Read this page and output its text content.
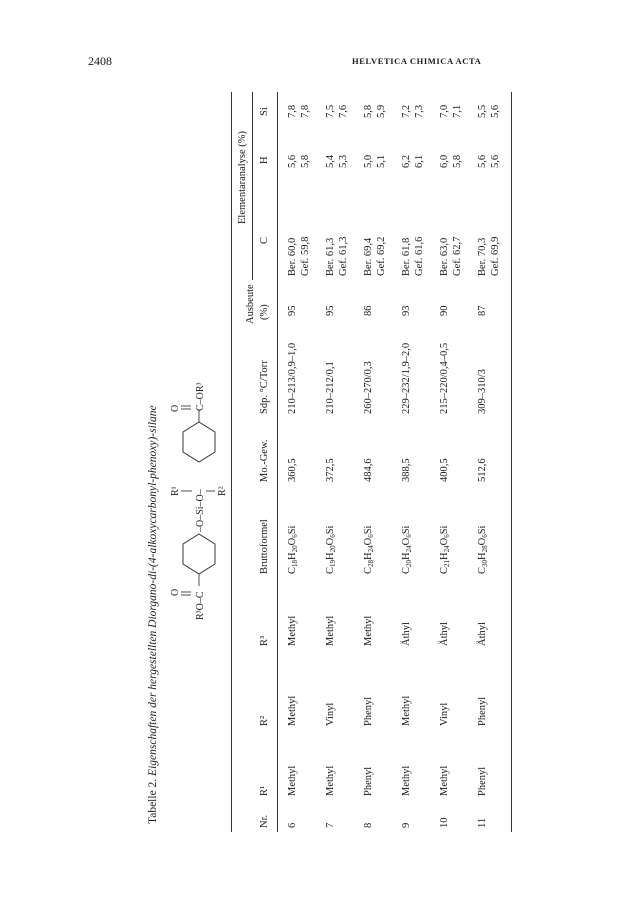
2408	HELVETICA CHIMICA ACTA
Tabelle 2. Eigenschaften der hergestellten Diorgano-di-(4-alkoxycarbonyl-phenoxy)-silane O R³O–C
–O–Si–O–
R¹	R²
O C–OR³
Nr.
R¹
R²
R³
Bruttoformel
Mo.-Gew.
Sdp. °C/Torr
Ausbeute (%)
Elementaranalyse (%)
C
H
Si
6
Methyl
Methyl
Methyl
$C_{18}H_{20}O_6Si$
360,5
210–213/0,9–1,0
95
Ber. 60,0 Gef. 59,8
5,6 5,8
7,8 7,8
7
Methyl
Vinyl
Methyl
$C_{19}H_{20}O_6Si$
372,5
210–212/0,1
95
Ber. 61,3 Gef. 61,3
5,4 5,3
7,5 7,6
8
Phenyl
Phenyl
Methyl
$C_{28}H_{24}O_6Si$
484,6
260–270/0,3
86
Ber. 69,4 Gef. 69,2
5,0 5,1
5,8 5,9
9
Methyl
Methyl
Äthyl
$C_{20}H_{24}O_6Si$
388,5
229–232/1,9–2,0
93
Ber. 61,8 Gef. 61,6
6,2 6,1
7,2 7,3
10
Methyl
Vinyl
Äthyl
$C_{21}H_{24}O_6Si$
400,5
215–220/0,4–0,5
90
Ber. 63,0 Gef. 62,7
6,0 5,8
7,0 7,1
11
Phenyl
Phenyl
Äthyl
$C_{30}H_{28}O_6Si$
512,6
309–310/3
87
Ber. 70,3 Gef. 69,9
5,6 5,6
5,5 5,6
